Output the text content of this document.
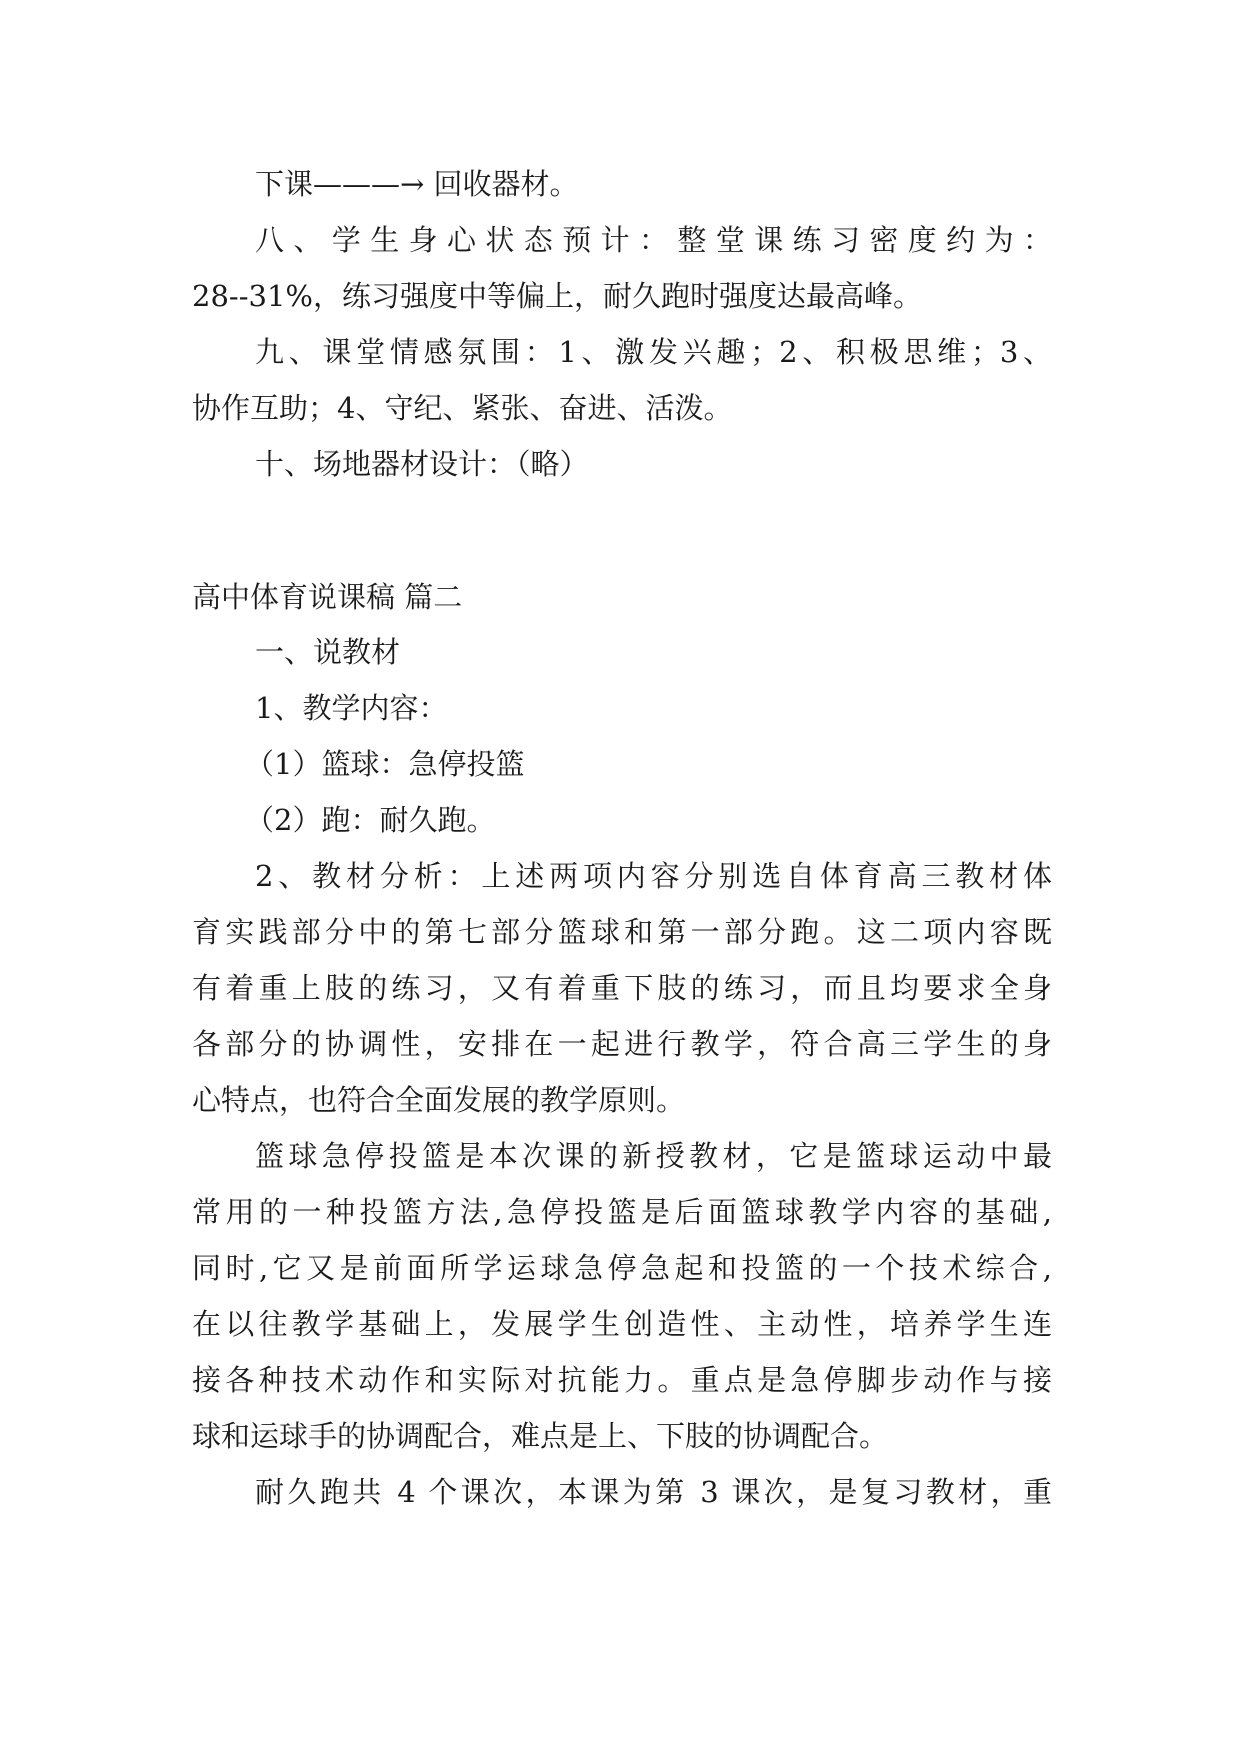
下课———→ 回收器材。
八、学生身心状态预计：整堂课练习密度约为：
28--31%，练习强度中等偏上，耐久跑时强度达最高峰。
九、课堂情感氛围：1、激发兴趣；2、积极思维；3、
协作互助；4、守纪、紧张、奋进、活泼。
十、场地器材设计：（略）
高中体育说课稿 篇二
一、说教材
1、教学内容：
（1）篮球：急停投篮
（2）跑：耐久跑。
2、教材分析：上述两项内容分别选自体育高三教材体
育实践部分中的第七部分篮球和第一部分跑。这二项内容既
有着重上肢的练习，又有着重下肢的练习，而且均要求全身
各部分的协调性，安排在一起进行教学，符合高三学生的身
心特点，也符合全面发展的教学原则。
篮球急停投篮是本次课的新授教材，它是篮球运动中最
常用的一种投篮方法,急停投篮是后面篮球教学内容的基础,
同时,它又是前面所学运球急停急起和投篮的一个技术综合,
在以往教学基础上，发展学生创造性、主动性，培养学生连
接各种技术动作和实际对抗能力。重点是急停脚步动作与接
球和运球手的协调配合，难点是上、下肢的协调配合。
耐久跑共 4 个课次，本课为第 3 课次，是复习教材，重
